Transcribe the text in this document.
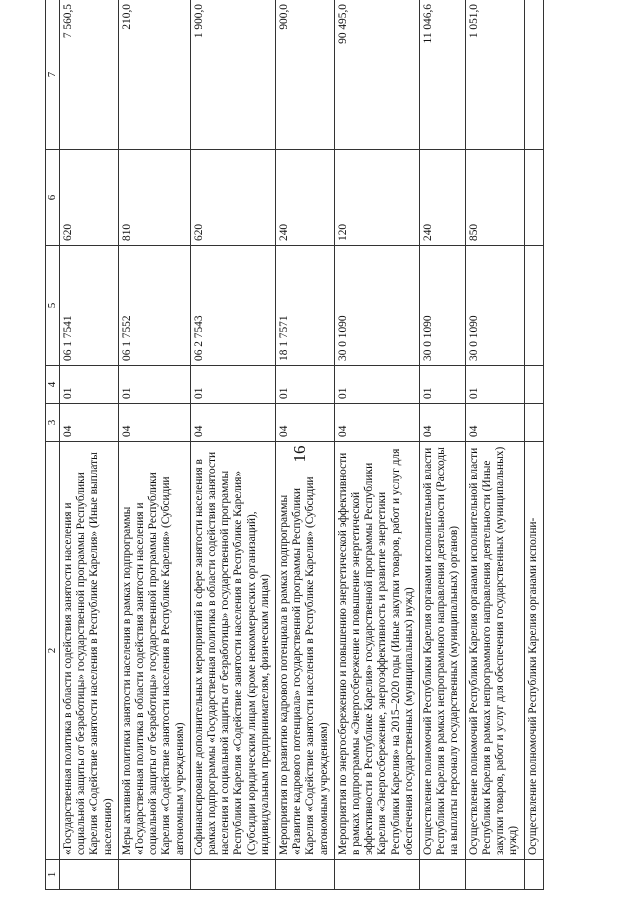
16
1	2	3	4	5	6	7
	«Государственная политика в области содействия занятости населения и социальной защиты от безработицы» государственной программы Республики Карелия «Содействие занятости населения в Республике Карелия» (Иные выплаты населению)	04	01	06 1 7541	620	7 560,5
	Меры активной политики занятости населения в рамках подпрограммы «Государственная политика в области содействия занятости населения и социальной защиты от безработицы» государственной программы Республики Карелия «Содействие занятости населения в Республике Карелия» (Субсидии автономным учреждениям)	04	01	06 1 7552	810	210,0
	Софинансирование дополнительных мероприятий в сфере занятости населения в рамках подпрограммы «Государственная политика в области содействия занятости населения и социальной защиты от безработицы» государственной программы Республики Карелия «Содействие занятости населения в Республике Карелия» (Субсидии юридическим лицам (кроме некоммерческих организаций), индивидуальным предпринимателям, физическим лицам)	04	01	06 2 7543	620	1 900,0
	Мероприятия по развитию кадрового потенциала в рамках подпрограммы «Развитие кадрового потенциала» государственной программы Республики Карелия «Содействие занятости населения в Республике Карелия» (Субсидии автономным учреждениям)	04	01	18 1 7571	240	900,0
	Мероприятия по энергосбережению и повышению энергетической эффективности в рамках подпрограммы «Энергосбережение и повышение энергетической эффективности в Республике Карелия» государственной программы Республики Карелия «Энергосбережение, энергоэффективность и развитие энергетики Республики Карелия» на 2015–2020 годы (Иные закупки товаров, работ и услуг для обеспечения государственных (муниципальных) нужд)	04	01	30 0 1090	120	90 495,0
	Осуществление полномочий Республики Карелия органами исполнительной власти Республики Карелия в рамках непрограммного направления деятельности (Расходы на выплаты персоналу государственных (муниципальных) органов)	04	01	30 0 1090	240	11 046,6
	Осуществление полномочий Республики Карелия органами исполнительной власти Республики Карелия в рамках непрограммного направления деятельности (Иные закупки товаров, работ и услуг для обеспечения государственных (муниципальных) нужд)	04	01	30 0 1090	850	1 051,0
	Осуществление полномочий Республики Карелия органами исполни-					
